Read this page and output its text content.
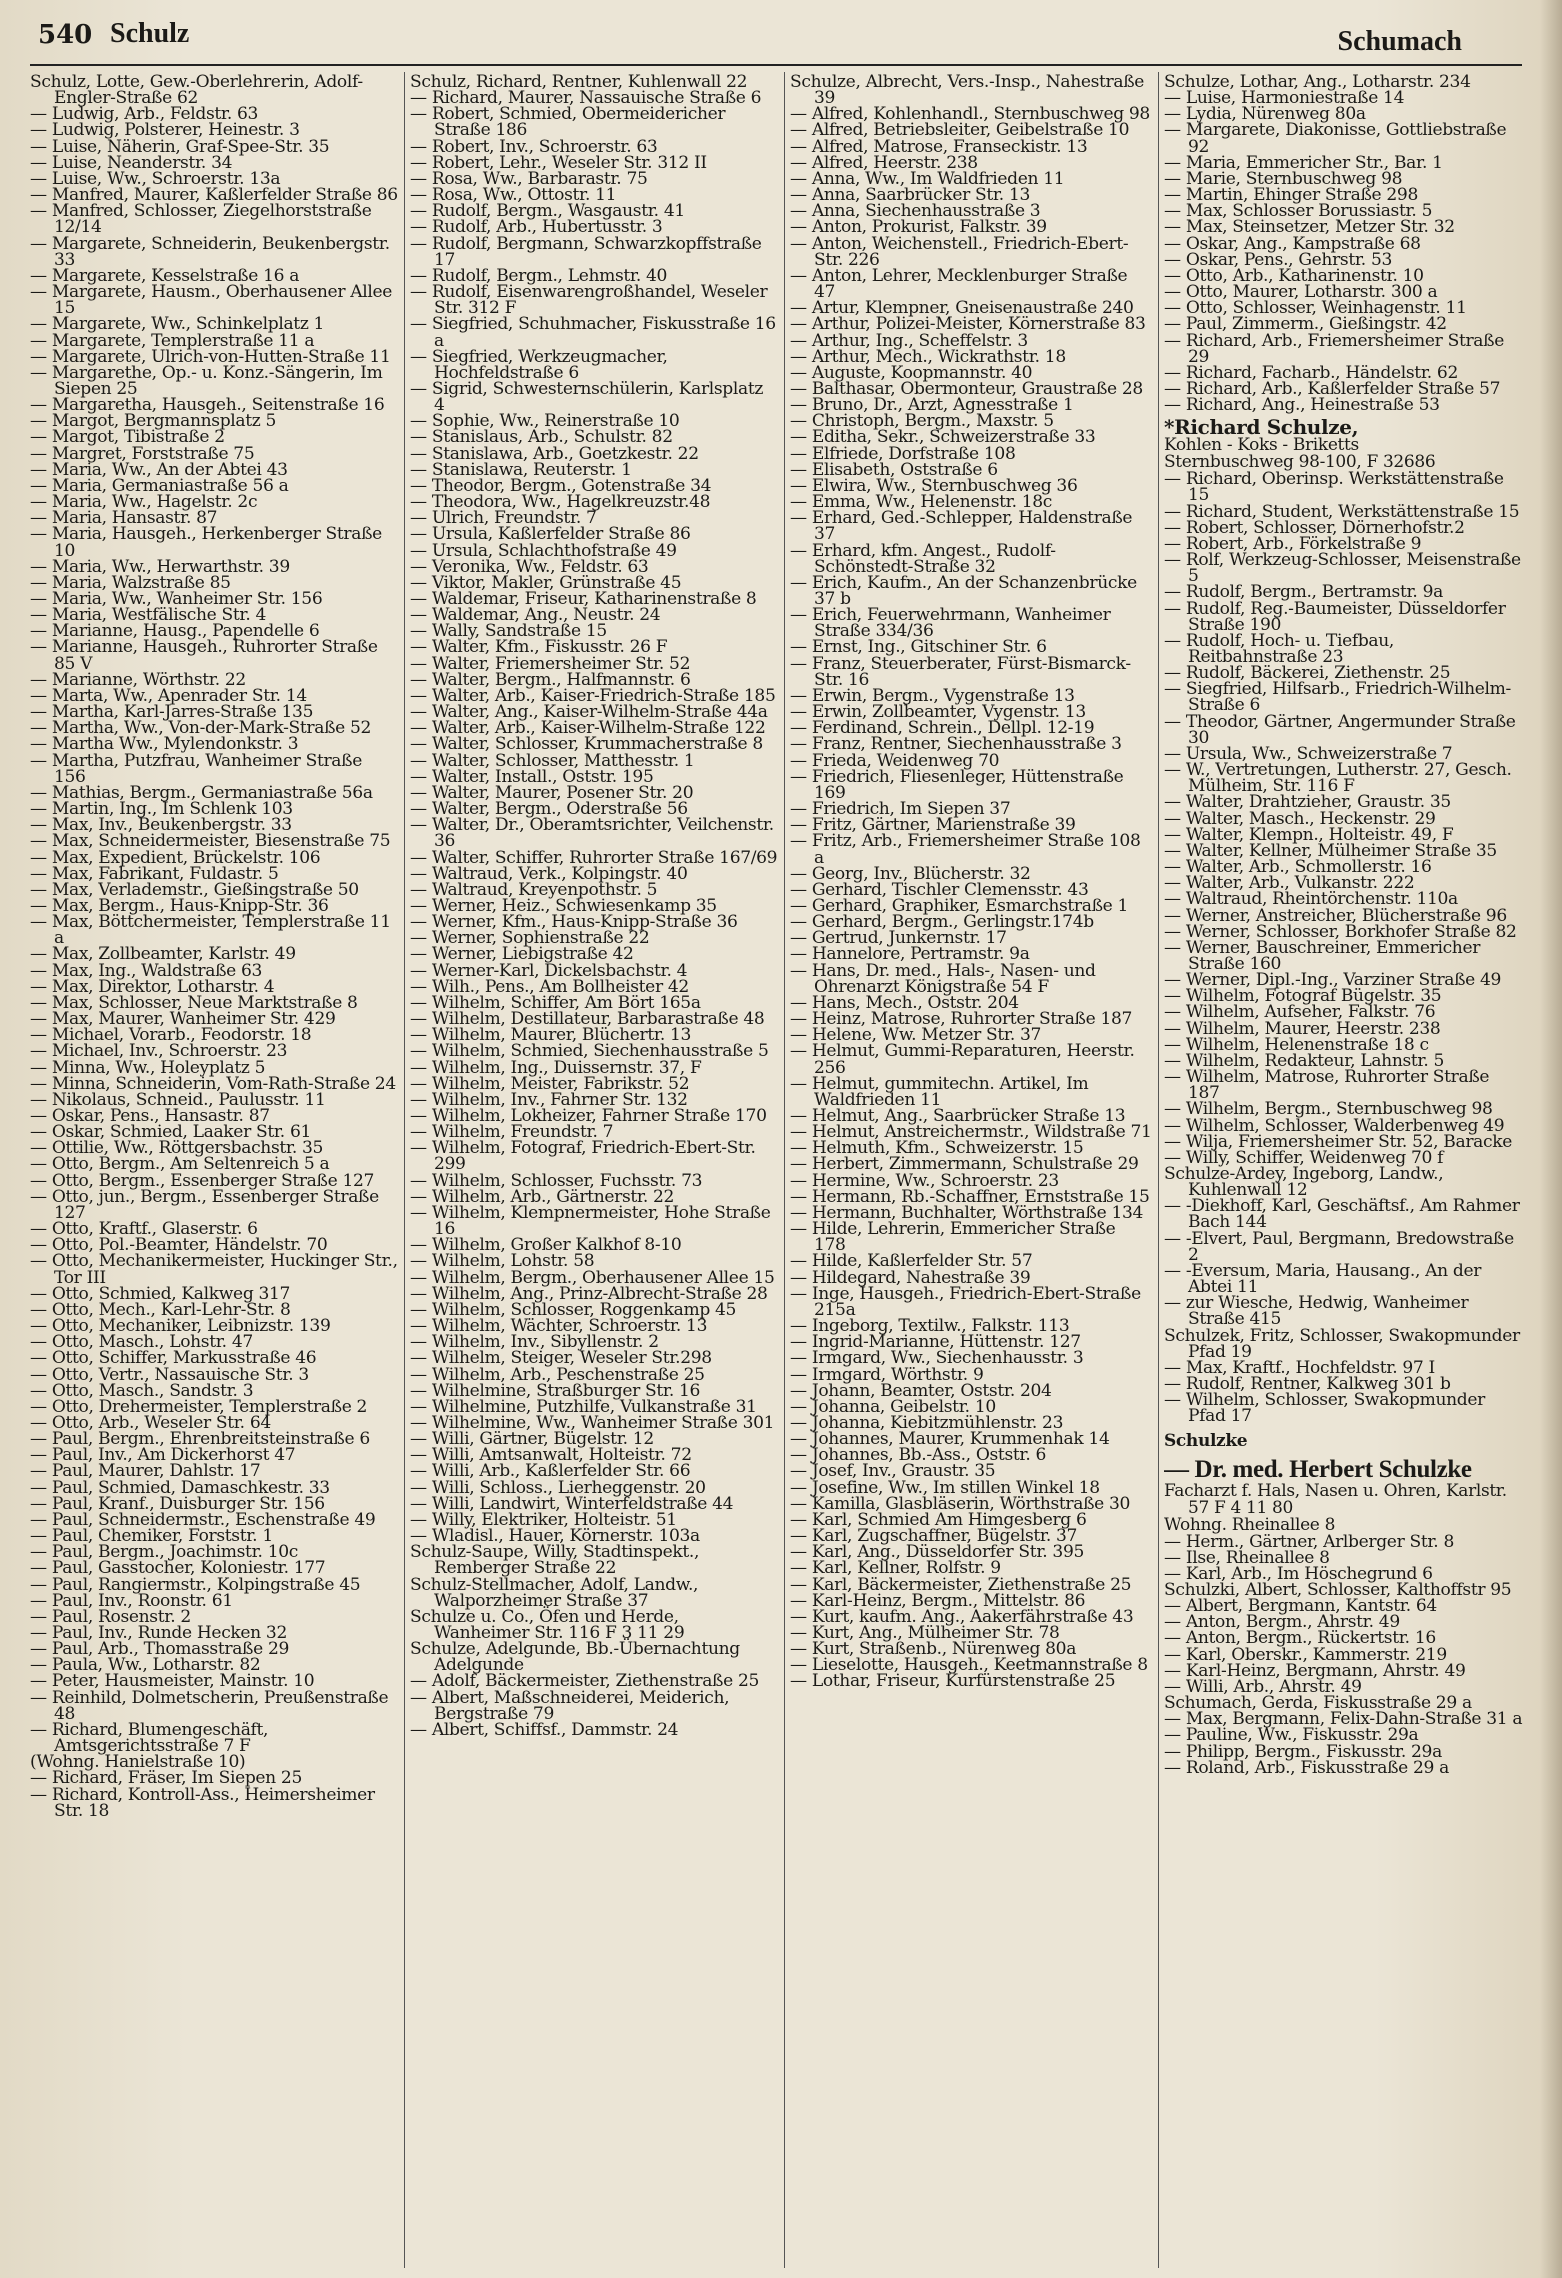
540 Schulz	Schumach
Schulz, Lotte, Gew.-Oberlehrerin, Adolf-Engler-Straße 62
— Ludwig, Arb., Feldstr. 63
— Ludwig, Polsterer, Heinestr. 3
— Luise, Näherin, Graf-Spee-Str. 35
— Luise, Neanderstr. 34
— Luise, Ww., Schroerstr. 13a
— Manfred, Maurer, Kaßlerfelder Straße 86
— Manfred, Schlosser, Ziegelhorststraße 12/14
— Margarete, Schneiderin, Beukenbergstr. 33
— Margarete, Kesselstraße 16 a
— Margarete, Hausm., Oberhausener Allee 15
— Margarete, Ww., Schinkelplatz 1
— Margarete, Templerstraße 11 a
— Margarete, Ulrich-von-Hutten-Straße 11
— Margarethe, Op.- u. Konz.-Sängerin, Im Siepen 25
— Margaretha, Hausgeh., Seitenstraße 16
— Margot, Bergmannsplatz 5
— Margot, Tibistraße 2
— Margret, Forststraße 75
— Maria, Ww., An der Abtei 43
— Maria, Germaniastraße 56 a
— Maria, Ww., Hagelstr. 2c
— Maria, Hansastr. 87
— Maria, Hausgeh., Herkenberger Straße 10
— Maria, Ww., Herwarthstr. 39
— Maria, Walzstraße 85
— Maria, Ww., Wanheimer Str. 156
— Maria, Westfälische Str. 4
— Marianne, Hausg., Papendelle 6
— Marianne, Hausgeh., Ruhrorter Straße 85 V
— Marianne, Wörthstr. 22
— Marta, Ww., Apenrader Str. 14
— Martha, Karl-Jarres-Straße 135
— Martha, Ww., Von-der-Mark-Straße 52
— Martha Ww., Mylendonkstr. 3
— Martha, Putzfrau, Wanheimer Straße 156
— Mathias, Bergm., Germaniastraße 56a
— Martin, Ing., Im Schlenk 103
— Max, Inv., Beukenbergstr. 33
— Max, Schneidermeister, Biesenstraße 75
— Max, Expedient, Brückelstr. 106
— Max, Fabrikant, Fuldastr. 5
— Max, Verlademstr., Gießingstraße 50
— Max, Bergm., Haus-Knipp-Str. 36
— Max, Böttchermeister, Templerstraße 11 a
— Max, Zollbeamter, Karlstr. 49
— Max, Ing., Waldstraße 63
— Max, Direktor, Lotharstr. 4
— Max, Schlosser, Neue Marktstraße 8
— Max, Maurer, Wanheimer Str. 429
— Michael, Vorarb., Feodorstr. 18
— Michael, Inv., Schroerstr. 23
— Minna, Ww., Holeyplatz 5
— Minna, Schneiderin, Vom-Rath-Straße 24
— Nikolaus, Schneid., Paulusstr. 11
— Oskar, Pens., Hansastr. 87
— Oskar, Schmied, Laaker Str. 61
— Ottilie, Ww., Röttgersbachstr. 35
— Otto, Bergm., Am Seltenreich 5 a
— Otto, Bergm., Essenberger Straße 127
— Otto, jun., Bergm., Essenberger Straße 127
— Otto, Kraftf., Glaserstr. 6
— Otto, Pol.-Beamter, Händelstr. 70
— Otto, Mechanikermeister, Huckinger Str., Tor III
— Otto, Schmied, Kalkweg 317
— Otto, Mech., Karl-Lehr-Str. 8
— Otto, Mechaniker, Leibnizstr. 139
— Otto, Masch., Lohstr. 47
— Otto, Schiffer, Markusstraße 46
— Otto, Vertr., Nassauische Str. 3
— Otto, Masch., Sandstr. 3
— Otto, Drehermeister, Templerstraße 2
— Otto, Arb., Weseler Str. 64
— Paul, Bergm., Ehrenbreitsteinstraße 6
— Paul, Inv., Am Dickerhorst 47
— Paul, Maurer, Dahlstr. 17
— Paul, Schmied, Damaschkestr. 33
— Paul, Kranf., Duisburger Str. 156
— Paul, Schneidermstr., Eschenstraße 49
— Paul, Chemiker, Forststr. 1
— Paul, Bergm., Joachimstr. 10c
— Paul, Gasstocher, Koloniestr. 177
— Paul, Rangiermstr., Kolpingstraße 45
— Paul, Inv., Roonstr. 61
— Paul, Rosenstr. 2
— Paul, Inv., Runde Hecken 32
— Paul, Arb., Thomasstraße 29
— Paula, Ww., Lotharstr. 82
— Peter, Hausmeister, Mainstr. 10
— Reinhild, Dolmetscherin, Preußenstraße 48
— Richard, Blumengeschäft, Amtsgerichtsstraße 7 F
(Wohng. Hanielstraße 10)
— Richard, Fräser, Im Siepen 25
— Richard, Kontroll-Ass., Heimersheimer Str. 18
Schulz, Richard, Rentner, Kuhlenwall 22
— Richard, Maurer, Nassauische Straße 6
— Robert, Schmied, Obermeidericher Straße 186
— Robert, Inv., Schroerstr. 63
— Robert, Lehr., Weseler Str. 312 II
— Rosa, Ww., Barbarastr. 75
— Rosa, Ww., Ottostr. 11
— Rudolf, Bergm., Wasgaustr. 41
— Rudolf, Arb., Hubertusstr. 3
— Rudolf, Bergmann, Schwarzkopffstraße 17
— Rudolf, Bergm., Lehmstr. 40
— Rudolf, Eisenwarengroßhandel, Weseler Str. 312 F
— Siegfried, Schuhmacher, Fiskusstraße 16 a
— Siegfried, Werkzeugmacher, Hochfeldstraße 6
— Sigrid, Schwesternschülerin, Karlsplatz 4
— Sophie, Ww., Reinerstraße 10
— Stanislaus, Arb., Schulstr. 82
— Stanislawa, Arb., Goetzkestr. 22
— Stanislawa, Reuterstr. 1
— Theodor, Bergm., Gotenstraße 34
— Theodora, Ww., Hagelkreuzstr.48
— Ulrich, Freundstr. 7
— Ursula, Kaßlerfelder Straße 86
— Ursula, Schlachthofstraße 49
— Veronika, Ww., Feldstr. 63
— Viktor, Makler, Grünstraße 45
— Waldemar, Friseur, Katharinenstraße 8
— Waldemar, Ang., Neustr. 24
— Wally, Sandstraße 15
— Walter, Kfm., Fiskusstr. 26 F
— Walter, Friemersheimer Str. 52
— Walter, Bergm., Halfmannstr. 6
— Walter, Arb., Kaiser-Friedrich-Straße 185
— Walter, Ang., Kaiser-Wilhelm-Straße 44a
— Walter, Arb., Kaiser-Wilhelm-Straße 122
— Walter, Schlosser, Krummacherstraße 8
— Walter, Schlosser, Matthesstr. 1
— Walter, Install., Oststr. 195
— Walter, Maurer, Posener Str. 20
— Walter, Bergm., Oderstraße 56
— Walter, Dr., Oberamtsrichter, Veilchenstr. 36
— Walter, Schiffer, Ruhrorter Straße 167/69
— Waltraud, Verk., Kolpingstr. 40
— Waltraud, Kreyenpothstr. 5
— Werner, Heiz., Schwiesenkamp 35
— Werner, Kfm., Haus-Knipp-Straße 36
— Werner, Sophienstraße 22
— Werner, Liebigstraße 42
— Werner-Karl, Dickelsbachstr. 4
— Wilh., Pens., Am Bollheister 42
— Wilhelm, Schiffer, Am Bört 165a
— Wilhelm, Destillateur, Barbarastraße 48
— Wilhelm, Maurer, Blüchertr. 13
— Wilhelm, Schmied, Siechenhausstraße 5
— Wilhelm, Ing., Duissernstr. 37, F
— Wilhelm, Meister, Fabrikstr. 52
— Wilhelm, Inv., Fahrner Str. 132
— Wilhelm, Lokheizer, Fahrner Straße 170
— Wilhelm, Freundstr. 7
— Wilhelm, Fotograf, Friedrich-Ebert-Str. 299
— Wilhelm, Schlosser, Fuchsstr. 73
— Wilhelm, Arb., Gärtnerstr. 22
— Wilhelm, Klempnermeister, Hohe Straße 16
— Wilhelm, Großer Kalkhof 8-10
— Wilhelm, Lohstr. 58
— Wilhelm, Bergm., Oberhausener Allee 15
— Wilhelm, Ang., Prinz-Albrecht-Straße 28
— Wilhelm, Schlosser, Roggenkamp 45
— Wilhelm, Wächter, Schroerstr. 13
— Wilhelm, Inv., Sibyllenstr. 2
— Wilhelm, Steiger, Weseler Str.298
— Wilhelm, Arb., Peschenstraße 25
— Wilhelmine, Straßburger Str. 16
— Wilhelmine, Putzhilfe, Vulkanstraße 31
— Wilhelmine, Ww., Wanheimer Straße 301
— Willi, Gärtner, Bügelstr. 12
— Willi, Amtsanwalt, Holteistr. 72
— Willi, Arb., Kaßlerfelder Str. 66
— Willi, Schloss., Lierheggenstr. 20
— Willi, Landwirt, Winterfeldstraße 44
— Willy, Elektriker, Holteistr. 51
— Wladisl., Hauer, Körnerstr. 103a
Schulz-Saupe, Willy, Stadtinspekt., Remberger Straße 22
Schulz-Stellmacher, Adolf, Landw., Walporzheimer Straße 37
Schulze u. Co., Öfen und Herde, Wanheimer Str. 116 F 3 11 29
Schulze, Adelgunde, Bb.-Übernachtung Adelgunde
— Adolf, Bäckermeister, Ziethenstraße 25
— Albert, Maßschneiderei, Meiderich, Bergstraße 79
— Albert, Schiffsf., Dammstr. 24
Schulze, Albrecht, Vers.-Insp., Nahestraße 39
— Alfred, Kohlenhandl., Sternbuschweg 98
— Alfred, Betriebsleiter, Geibelstraße 10
— Alfred, Matrose, Franseckistr. 13
— Alfred, Heerstr. 238
— Anna, Ww., Im Waldfrieden 11
— Anna, Saarbrücker Str. 13
— Anna, Siechenhausstraße 3
— Anton, Prokurist, Falkstr. 39
— Anton, Weichenstell., Friedrich-Ebert-Str. 226
— Anton, Lehrer, Mecklenburger Straße 47
— Artur, Klempner, Gneisenaustraße 240
— Arthur, Polizei-Meister, Körnerstraße 83
— Arthur, Ing., Scheffelstr. 3
— Arthur, Mech., Wickrathstr. 18
— Auguste, Koopmannstr. 40
— Balthasar, Obermonteur, Graustraße 28
— Bruno, Dr., Arzt, Agnesstraße 1
— Christoph, Bergm., Maxstr. 5
— Editha, Sekr., Schweizerstraße 33
— Elfriede, Dorfstraße 108
— Elisabeth, Oststraße 6
— Elwira, Ww., Sternbuschweg 36
— Emma, Ww., Helenenstr. 18c
— Erhard, Ged.-Schlepper, Haldenstraße 37
— Erhard, kfm. Angest., Rudolf-Schönstedt-Straße 32
— Erich, Kaufm., An der Schanzenbrücke 37 b
— Erich, Feuerwehrmann, Wanheimer Straße 334/36
— Ernst, Ing., Gitschiner Str. 6
— Franz, Steuerberater, Fürst-Bismarck-Str. 16
— Erwin, Bergm., Vygenstraße 13
— Erwin, Zollbeamter, Vygenstr. 13
— Ferdinand, Schrein., Dellpl. 12-19
— Franz, Rentner, Siechenhausstraße 3
— Frieda, Weidenweg 70
— Friedrich, Fliesenleger, Hüttenstraße 169
— Friedrich, Im Siepen 37
— Fritz, Gärtner, Marienstraße 39
— Fritz, Arb., Friemersheimer Straße 108 a
— Georg, Inv., Blücherstr. 32
— Gerhard, Tischler Clemensstr. 43
— Gerhard, Graphiker, Esmarchstraße 1
— Gerhard, Bergm., Gerlingstr.174b
— Gertrud, Junkernstr. 17
— Hannelore, Pertramstr. 9a
— Hans, Dr. med., Hals-, Nasen- und Ohrenarzt Königstraße 54 F
— Hans, Mech., Oststr. 204
— Heinz, Matrose, Ruhrorter Straße 187
— Helene, Ww. Metzer Str. 37
— Helmut, Gummi-Reparaturen, Heerstr. 256
— Helmut, gummitechn. Artikel, Im Waldfrieden 11
— Helmut, Ang., Saarbrücker Straße 13
— Helmut, Anstreichermstr., Wildstraße 71
— Helmuth, Kfm., Schweizerstr. 15
— Herbert, Zimmermann, Schulstraße 29
— Hermine, Ww., Schroerstr. 23
— Hermann, Rb.-Schaffner, Ernststraße 15
— Hermann, Buchhalter, Wörthstraße 134
— Hilde, Lehrerin, Emmericher Straße 178
— Hilde, Kaßlerfelder Str. 57
— Hildegard, Nahestraße 39
— Inge, Hausgeh., Friedrich-Ebert-Straße 215a
— Ingeborg, Textilw., Falkstr. 113
— Ingrid-Marianne, Hüttenstr. 127
— Irmgard, Ww., Siechenhausstr. 3
— Irmgard, Wörthstr. 9
— Johann, Beamter, Oststr. 204
— Johanna, Geibelstr. 10
— Johanna, Kiebitzmühlenstr. 23
— Johannes, Maurer, Krummenhak 14
— Johannes, Bb.-Ass., Oststr. 6
— Josef, Inv., Graustr. 35
— Josefine, Ww., Im stillen Winkel 18
— Kamilla, Glasbläserin, Wörthstraße 30
— Karl, Schmied Am Himgesberg 6
— Karl, Zugschaffner, Bügelstr. 37
— Karl, Ang., Düsseldorfer Str. 395
— Karl, Kellner, Rolfstr. 9
— Karl, Bäckermeister, Ziethenstraße 25
— Karl-Heinz, Bergm., Mittelstr. 86
— Kurt, kaufm. Ang., Aakerfährstraße 43
— Kurt, Ang., Mülheimer Str. 78
— Kurt, Straßenb., Nürenweg 80a
— Lieselotte, Hausgeh., Keetmannstraße 8
— Lothar, Friseur, Kurfürstenstraße 25
Schulze, Lothar, Ang., Lotharstr. 234
— Luise, Harmoniestraße 14
— Lydia, Nürenweg 80a
— Margarete, Diakonisse, Gottliebstraße 92
— Maria, Emmericher Str., Bar. 1
— Marie, Sternbuschweg 98
— Martin, Ehinger Straße 298
— Max, Schlosser Borussiastr. 5
— Max, Steinsetzer, Metzer Str. 32
— Oskar, Ang., Kampstraße 68
— Oskar, Pens., Gehrstr. 53
— Otto, Arb., Katharinenstr. 10
— Otto, Maurer, Lotharstr. 300 a
— Otto, Schlosser, Weinhagenstr. 11
— Paul, Zimmerm., Gießingstr. 42
— Richard, Arb., Friemersheimer Straße 29
— Richard, Facharb., Händelstr. 62
— Richard, Arb., Kaßlerfelder Straße 57
— Richard, Ang., Heinestraße 53
*Richard Schulze,
Kohlen - Koks - Briketts
Sternbuschweg 98-100, F 32686
— Richard, Oberinsp. Werkstättenstraße 15
— Richard, Student, Werkstättenstraße 15
— Robert, Schlosser, Dörnerhofstr.2
— Robert, Arb., Förkelstraße 9
— Rolf, Werkzeug-Schlosser, Meisenstraße 5
— Rudolf, Bergm., Bertramstr. 9a
— Rudolf, Reg.-Baumeister, Düsseldorfer Straße 190
— Rudolf, Hoch- u. Tiefbau, Reitbahnstraße 23
— Rudolf, Bäckerei, Ziethenstr. 25
— Siegfried, Hilfsarb., Friedrich-Wilhelm-Straße 6
— Theodor, Gärtner, Angermunder Straße 30
— Ursula, Ww., Schweizerstraße 7
— W., Vertretungen, Lutherstr. 27, Gesch. Mülheim, Str. 116 F
— Walter, Drahtzieher, Graustr. 35
— Walter, Masch., Heckenstr. 29
— Walter, Klempn., Holteistr. 49, F
— Walter, Kellner, Mülheimer Straße 35
— Walter, Arb., Schmollerstr. 16
— Walter, Arb., Vulkanstr. 222
— Waltraud, Rheintörchenstr. 110a
— Werner, Anstreicher, Blücherstraße 96
— Werner, Schlosser, Borkhofer Straße 82
— Werner, Bauschreiner, Emmericher Straße 160
— Werner, Dipl.-Ing., Varziner Straße 49
— Wilhelm, Fotograf Bügelstr. 35
— Wilhelm, Aufseher, Falkstr. 76
— Wilhelm, Maurer, Heerstr. 238
— Wilhelm, Helenenstraße 18 c
— Wilhelm, Redakteur, Lahnstr. 5
— Wilhelm, Matrose, Ruhrorter Straße 187
— Wilhelm, Bergm., Sternbuschweg 98
— Wilhelm, Schlosser, Walderbenweg 49
— Wilja, Friemersheimer Str. 52, Baracke
— Willy, Schiffer, Weidenweg 70 f
Schulze-Ardey, Ingeborg, Landw., Kuhlenwall 12
— -Diekhoff, Karl, Geschäftsf., Am Rahmer Bach 144
— -Elvert, Paul, Bergmann, Bredowstraße 2
— -Eversum, Maria, Hausang., An der Abtei 11
— zur Wiesche, Hedwig, Wanheimer Straße 415
Schulzek, Fritz, Schlosser, Swakopmunder Pfad 19
— Max, Kraftf., Hochfeldstr. 97 I
— Rudolf, Rentner, Kalkweg 301 b
— Wilhelm, Schlosser, Swakopmunder Pfad 17
Schulzke
— Dr. med. Herbert Schulzke
Facharzt f. Hals, Nasen u. Ohren, Karlstr. 57 F 4 11 80
Wohng. Rheinallee 8
— Herm., Gärtner, Arlberger Str. 8
— Ilse, Rheinallee 8
— Karl, Arb., Im Höschegrund 6
Schulzki, Albert, Schlosser, Kalthoffstr 95
— Albert, Bergmann, Kantstr. 64
— Anton, Bergm., Ahrstr. 49
— Anton, Bergm., Rückertstr. 16
— Karl, Oberskr., Kammerstr. 219
— Karl-Heinz, Bergmann, Ahrstr. 49
— Willi, Arb., Ahrstr. 49
Schumach, Gerda, Fiskusstraße 29 a
— Max, Bergmann, Felix-Dahn-Straße 31 a
— Pauline, Ww., Fiskusstr. 29a
— Philipp, Bergm., Fiskusstr. 29a
— Roland, Arb., Fiskusstraße 29 a
